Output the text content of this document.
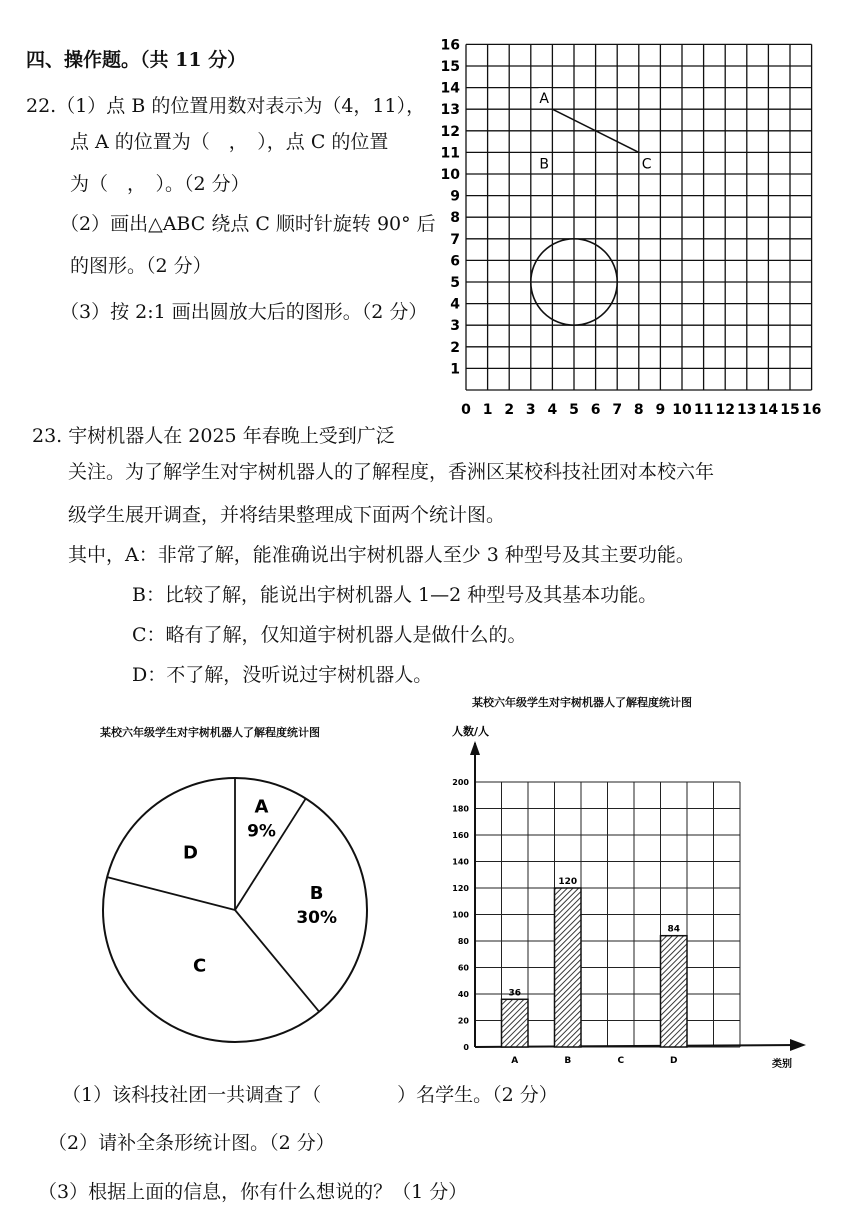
四、操作题。（共 11 分）
22.（1）点 B 的位置用数对表示为（4，11），
点 A 的位置为（　，　），点 C 的位置
为（　，　）。（2 分）
（2）画出△ABC 绕点 C 顺时针旋转 90° 后
的图形。（2 分）
（3）按 2:1 画出圆放大后的图形。（2 分）
0 1 2 3 4 5 6 7 8 9 10 11 12 13 14 15 16
1
2
3
4
5
6
7
8
9
10
11
12
13
14
15
16
A
B	C
23. 宇树机器人在 2025 年春晚上受到广泛
关注。为了解学生对宇树机器人的了解程度，香洲区某校科技社团对本校六年
级学生展开调查，并将结果整理成下面两个统计图。
其中，A：非常了解，能准确说出宇树机器人至少 3 种型号及其主要功能。
B：比较了解，能说出宇树机器人 1—2 种型号及其基本功能。
C：略有了解，仅知道宇树机器人是做什么的。
D：不了解，没听说过宇树机器人。
某校六年级学生对宇树机器人了解程度统计图
A
9%
B
30%
C
D
某校六年级学生对宇树机器人了解程度统计图
人数/人
类别
0
20
40
60
80
100
120
140
160
180
200
A
36
B
120
C	D
84
（1）该科技社团一共调查了（　　　　）名学生。（2 分）
（2）请补全条形统计图。（2 分）
（3）根据上面的信息，你有什么想说的？（1 分）
